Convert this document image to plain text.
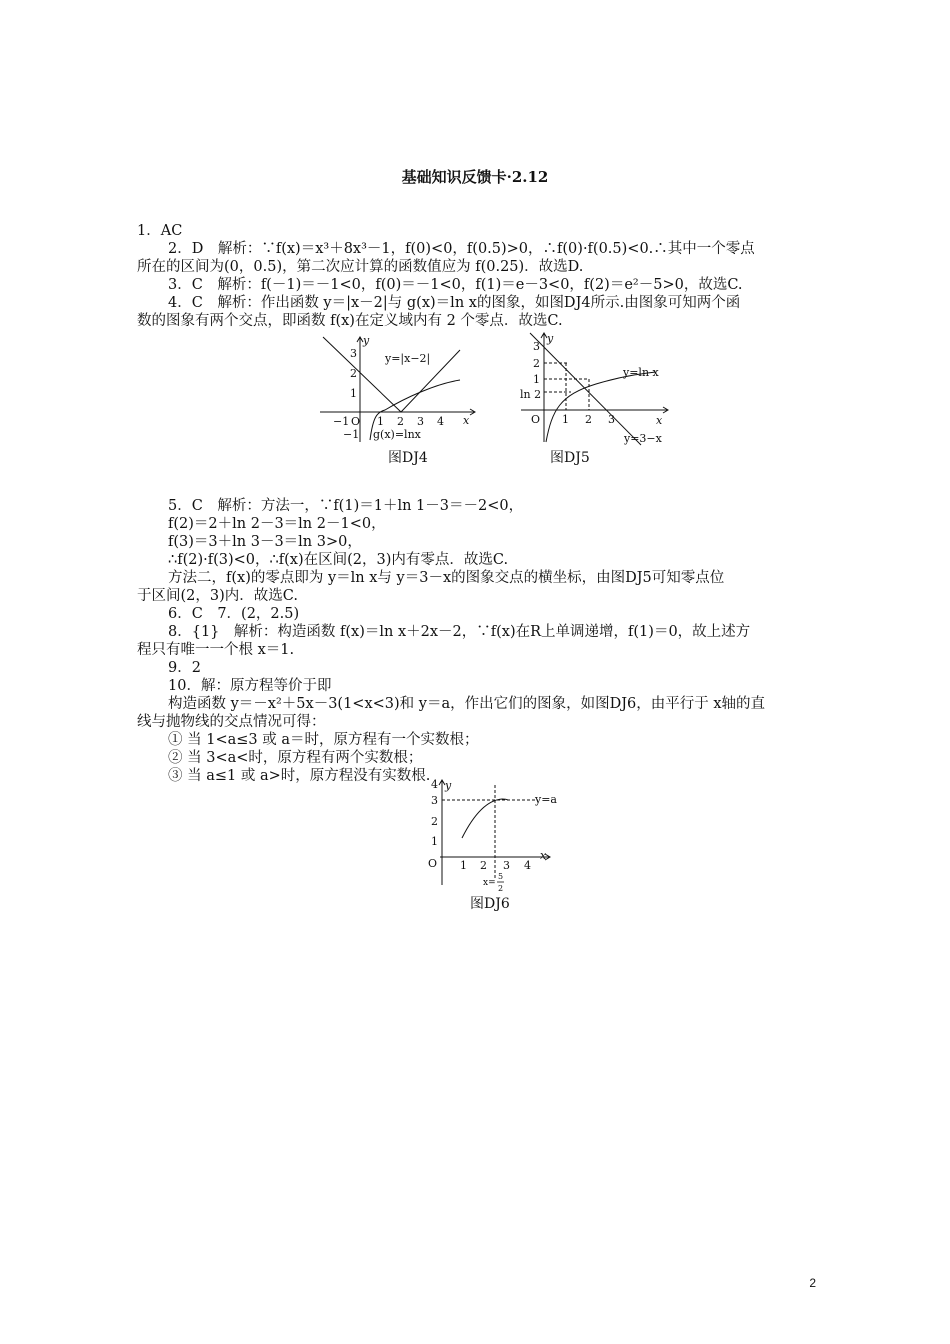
基础知识反馈卡·2.12
1．AC
2．D　解析：∵f(x)＝x³＋8x³－1，f(0)<0，f(0.5)>0，∴f(0)·f(0.5)<0.∴其中一个零点
所在的区间为(0，0.5)，第二次应计算的函数值应为 f(0.25)．故选D.
3．C　解析：f(－1)＝－1<0，f(0)＝－1<0，f(1)＝e－3<0，f(2)＝e²－5>0，故选C.
4．C　解析：作出函数 y＝|x－2|与 g(x)＝ln x的图象，如图DJ4所示.由图象可知两个函
数的图象有两个交点，即函数 f(x)在定义域内有 2 个零点．故选C.
y=|x−2|
g(x)=lnx
x
y
−1 O 1 2 3 4
3
2
1
−1
图DJ4
y=ln x
y=3−x
x
y
O 1 2 3
3
2
1
ln 2
图DJ5
5．C　解析：方法一，∵f(1)＝1＋ln 1－3＝－2<0，
f(2)＝2＋ln 2－3＝ln 2－1<0，
f(3)＝3＋ln 3－3＝ln 3>0，
∴f(2)·f(3)<0，∴f(x)在区间(2，3)内有零点．故选C.
方法二，f(x)的零点即为 y＝ln x与 y＝3－x的图象交点的横坐标，由图DJ5可知零点位
于区间(2，3)内．故选C.
6．C　7．(2，2.5)
8．{1}　解析：构造函数 f(x)＝ln x＋2x－2，∵f(x)在R上单调递增，f(1)＝0，故上述方
程只有唯一一个根 x＝1.
9．2
10．解：原方程等价于即
构造函数 y＝－x²＋5x－3(1<x<3)和 y＝a，作出它们的图象，如图DJ6，由平行于 x轴的直
线与抛物线的交点情况可得：
① 当 1<a≤3 或 a＝时，原方程有一个实数根；
② 当 3<a<时，原方程有两个实数根；
③ 当 a≤1 或 a>时，原方程没有实数根.
y=a
x
y
O 1 2 3 4
4
3
2
1
x=
5
2
图DJ6
2
